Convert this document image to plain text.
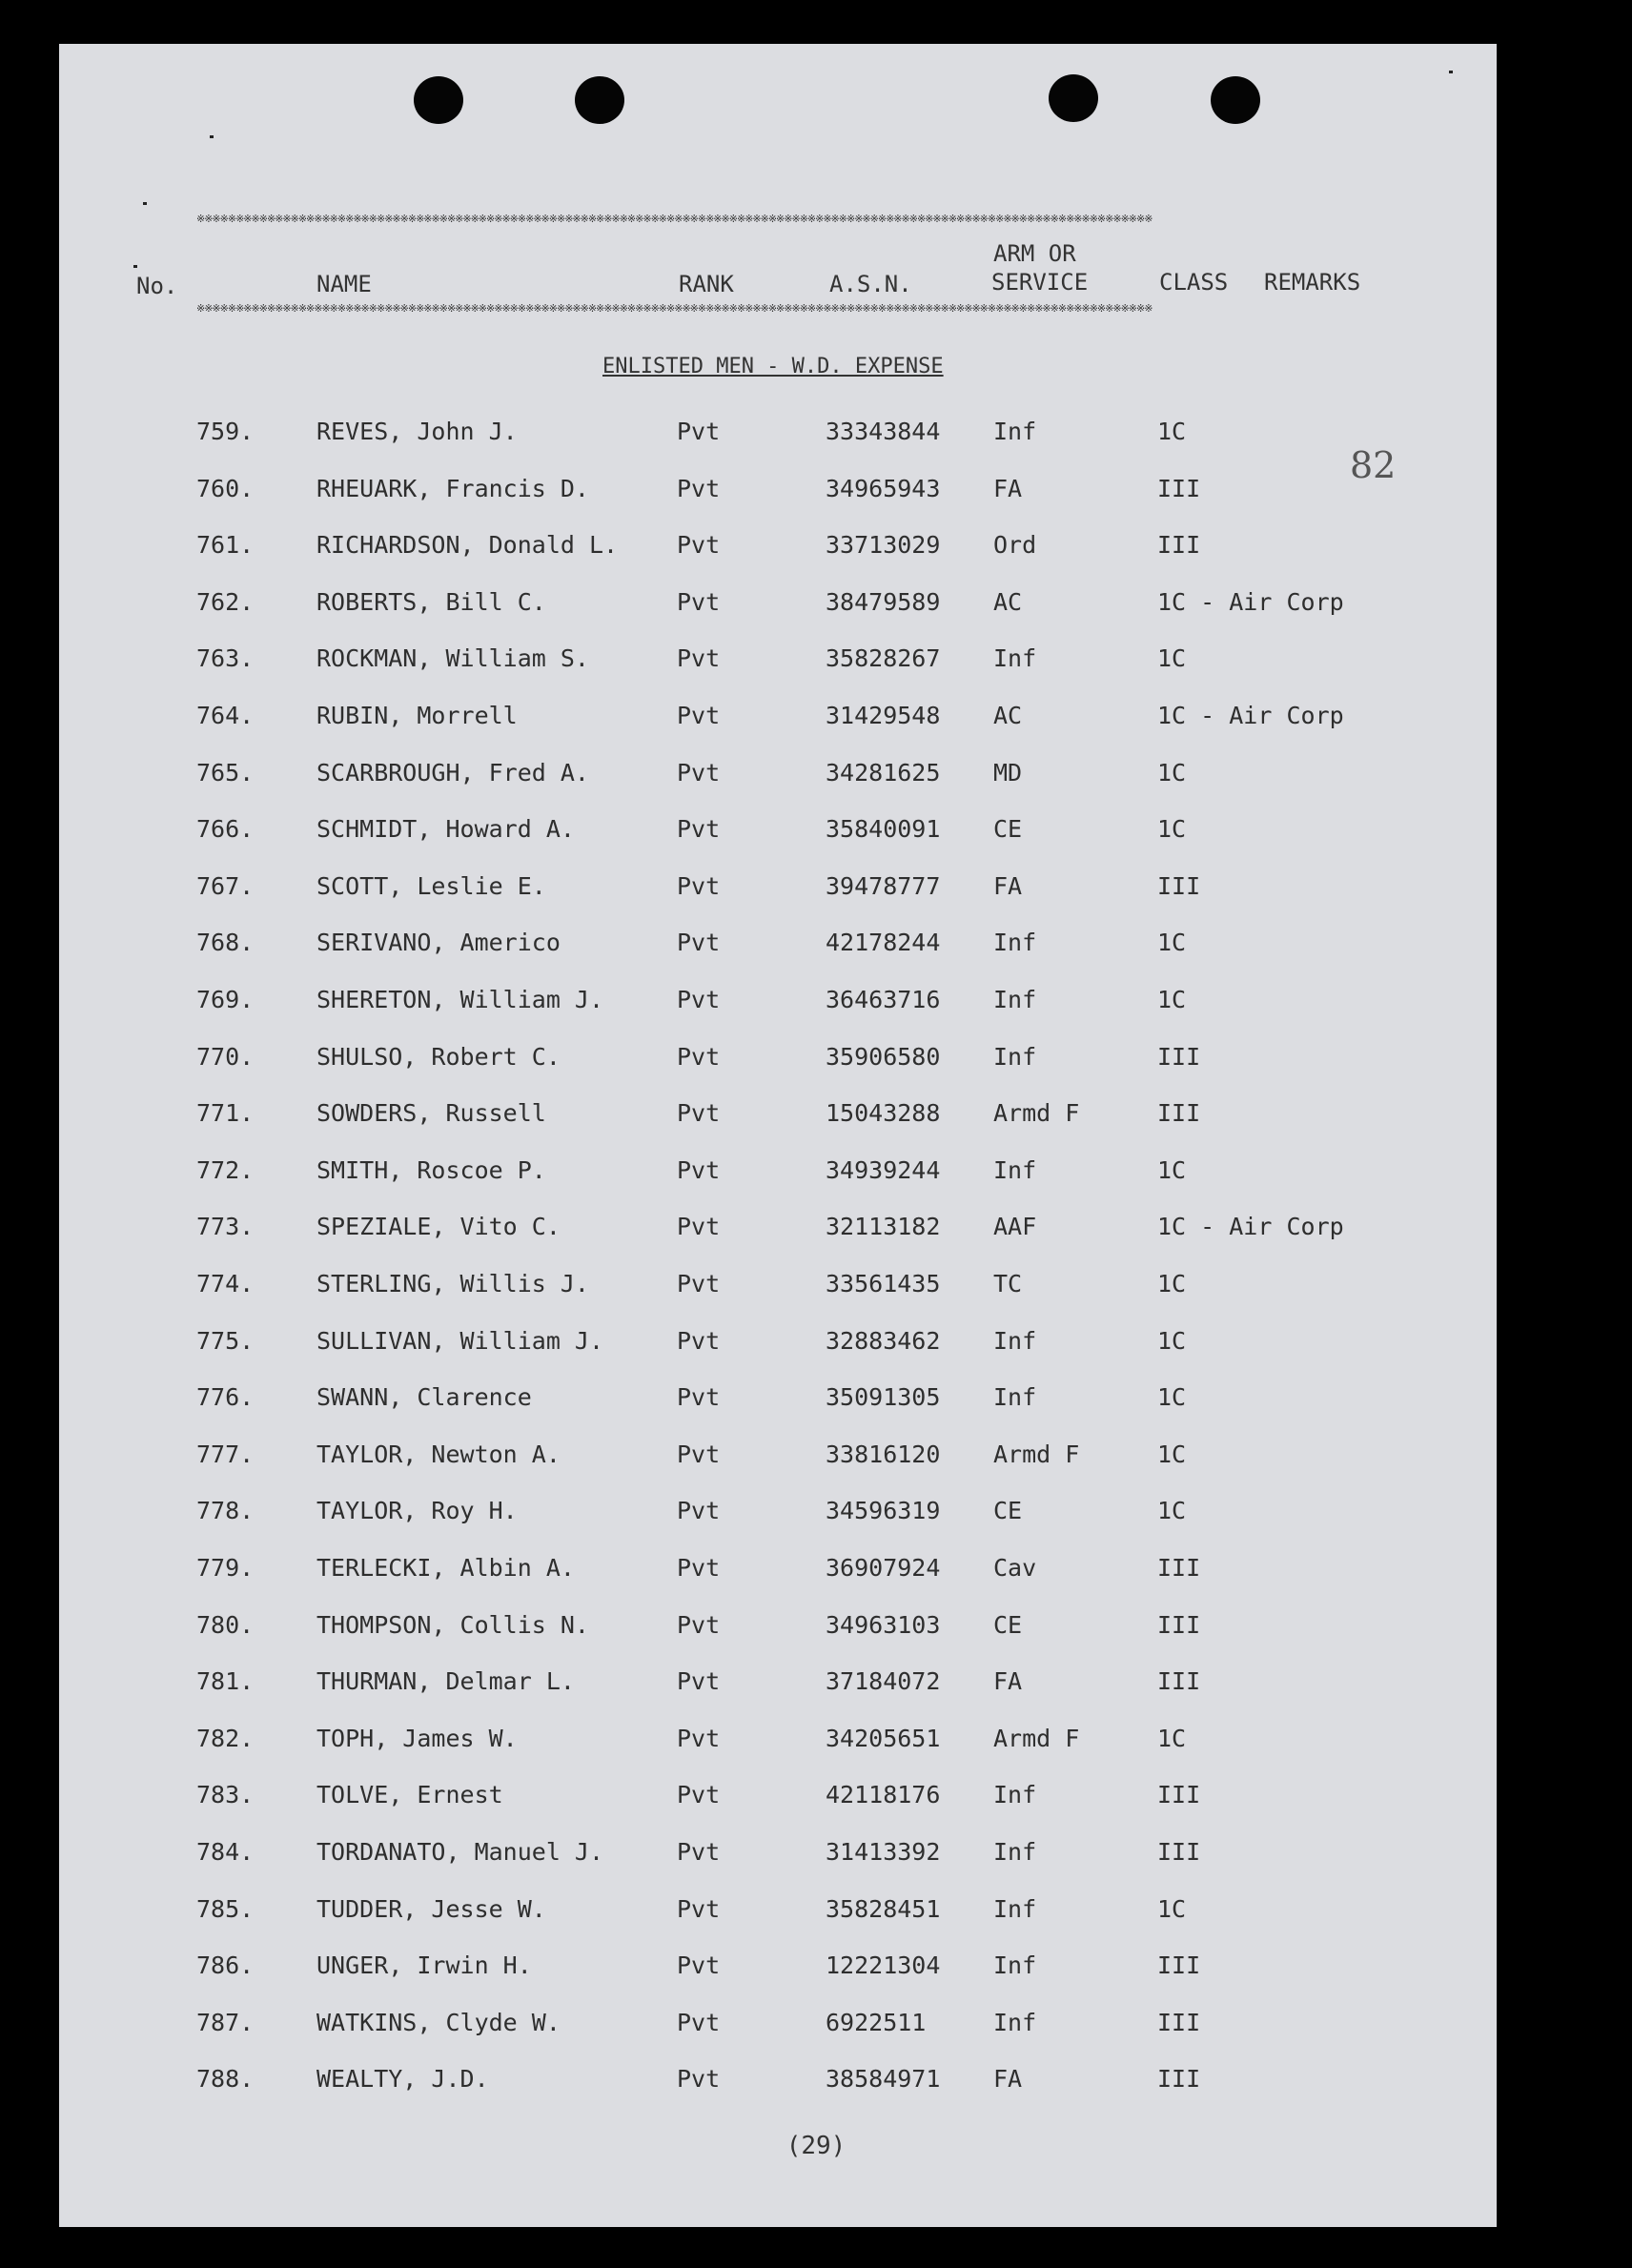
※※※※※※※※※※※※※※※※※※※※※※※※※※※※※※※※※※※※※※※※※※※※※※※※※※※※※※※※※※※※※※※※※※※※※※※※※※※※※※※※※※※※※※※※※※※※※※※※※※※※※※※※※※※※※※※※※※※※※※※※※※
No.	NAME	RANK	A.S.N.
ARM OR
SERVICE	CLASS REMARKS
※※※※※※※※※※※※※※※※※※※※※※※※※※※※※※※※※※※※※※※※※※※※※※※※※※※※※※※※※※※※※※※※※※※※※※※※※※※※※※※※※※※※※※※※※※※※※※※※※※※※※※※※※※※※※※※※※※※※※※※※※※
ENLISTED MEN - W.D. EXPENSE
82
759.	REVES, John J.	Pvt	33343844 Inf	1C
760.	RHEUARK, Francis D.	Pvt	34965943 FA	III
761.	RICHARDSON, Donald L. Pvt	33713029 Ord	III
762.	ROBERTS, Bill C.	Pvt	38479589 AC	1C - Air Corp
763.	ROCKMAN, William S.	Pvt	35828267 Inf	1C
764.	RUBIN, Morrell	Pvt	31429548 AC	1C - Air Corp
765.	SCARBROUGH, Fred A.	Pvt	34281625 MD	1C
766.	SCHMIDT, Howard A.	Pvt	35840091 CE	1C
767.	SCOTT, Leslie E.	Pvt	39478777 FA	III
768.	SERIVANO, Americo	Pvt	42178244 Inf	1C
769.	SHERETON, William J.	Pvt	36463716 Inf	1C
770.	SHULSO, Robert C.	Pvt	35906580 Inf	III
771.	SOWDERS, Russell	Pvt	15043288 Armd F	III
772.	SMITH, Roscoe P.	Pvt	34939244 Inf	1C
773.	SPEZIALE, Vito C.	Pvt	32113182 AAF	1C - Air Corp
774.	STERLING, Willis J.	Pvt	33561435 TC	1C
775.	SULLIVAN, William J.	Pvt	32883462 Inf	1C
776.	SWANN, Clarence	Pvt	35091305 Inf	1C
777.	TAYLOR, Newton A.	Pvt	33816120 Armd F	1C
778.	TAYLOR, Roy H.	Pvt	34596319 CE	1C
779.	TERLECKI, Albin A.	Pvt	36907924 Cav	III
780.	THOMPSON, Collis N.	Pvt	34963103 CE	III
781.	THURMAN, Delmar L.	Pvt	37184072 FA	III
782.	TOPH, James W.	Pvt	34205651 Armd F	1C
783.	TOLVE, Ernest	Pvt	42118176 Inf	III
784.	TORDANATO, Manuel J.	Pvt	31413392 Inf	III
785.	TUDDER, Jesse W.	Pvt	35828451 Inf	1C
786.	UNGER, Irwin H.	Pvt	12221304 Inf	III
787.	WATKINS, Clyde W.	Pvt	6922511	Inf	III
788.	WEALTY, J.D.	Pvt	38584971 FA	III
(29)
